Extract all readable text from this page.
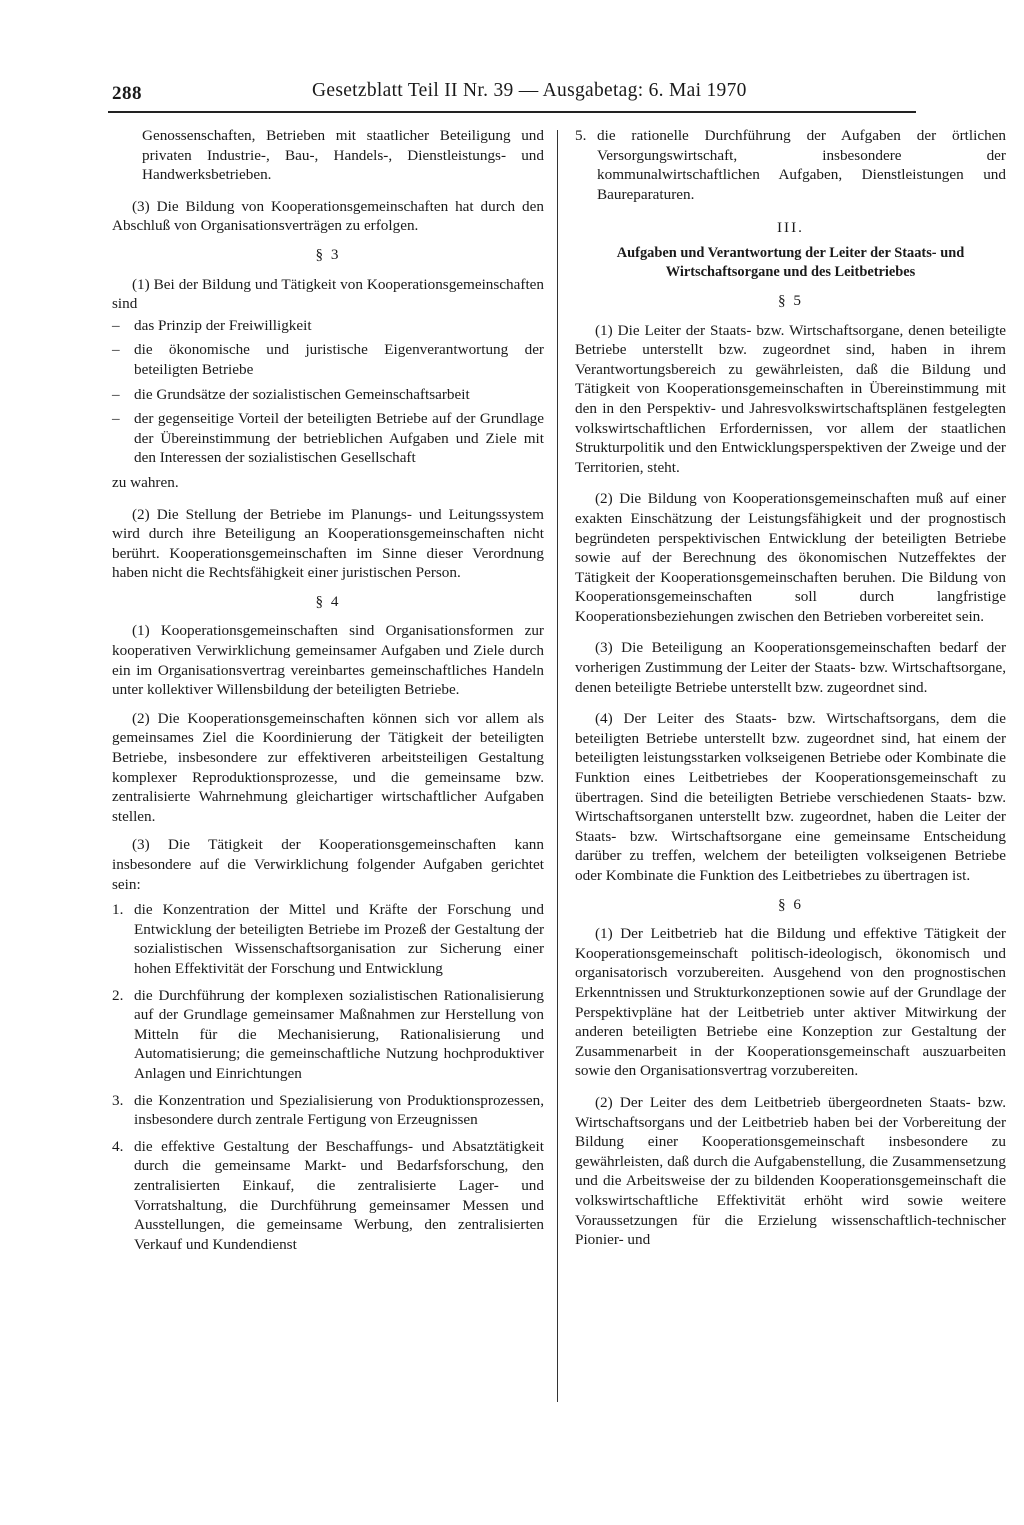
288	Gesetzblatt Teil II Nr. 39 — Ausgabetag: 6. Mai 1970

Genossenschaften, Betrieben mit staatlicher Beteiligung und privaten Industrie-, Bau-, Handels-, Dienstleistungs- und Handwerksbetrieben.

(3) Die Bildung von Kooperationsgemeinschaften hat durch den Abschluß von Organisationsverträgen zu erfolgen.

§ 3

(1) Bei der Bildung und Tätigkeit von Kooperationsgemeinschaften sind

– das Prinzip der Freiwilligkeit
– die ökonomische und juristische Eigenverantwortung der beteiligten Betriebe
– die Grundsätze der sozialistischen Gemeinschaftsarbeit
– der gegenseitige Vorteil der beteiligten Betriebe auf der Grundlage der Übereinstimmung der betrieblichen Aufgaben und Ziele mit den Interessen der sozialistischen Gesellschaft

zu wahren.

(2) Die Stellung der Betriebe im Planungs- und Leitungssystem wird durch ihre Beteiligung an Kooperationsgemeinschaften nicht berührt. Kooperationsgemeinschaften im Sinne dieser Verordnung haben nicht die Rechtsfähigkeit einer juristischen Person.

§ 4

(1) Kooperationsgemeinschaften sind Organisationsformen zur kooperativen Verwirklichung gemeinsamer Aufgaben und Ziele durch ein im Organisationsvertrag vereinbartes gemeinschaftliches Handeln unter kollektiver Willensbildung der beteiligten Betriebe.

(2) Die Kooperationsgemeinschaften können sich vor allem als gemeinsames Ziel die Koordinierung der Tätigkeit der beteiligten Betriebe, insbesondere zur effektiveren arbeitsteiligen Gestaltung komplexer Reproduktionsprozesse, und die gemeinsame bzw. zentralisierte Wahrnehmung gleichartiger wirtschaftlicher Aufgaben stellen.

(3) Die Tätigkeit der Kooperationsgemeinschaften kann insbesondere auf die Verwirklichung folgender Aufgaben gerichtet sein:

1. die Konzentration der Mittel und Kräfte der Forschung und Entwicklung der beteiligten Betriebe im Prozeß der Gestaltung der sozialistischen Wissenschaftsorganisation zur Sicherung einer hohen Effektivität der Forschung und Entwicklung
2. die Durchführung der komplexen sozialistischen Rationalisierung auf der Grundlage gemeinsamer Maßnahmen zur Herstellung von Mitteln für die Mechanisierung, Rationalisierung und Automatisierung; die gemeinschaftliche Nutzung hochproduktiver Anlagen und Einrichtungen
3. die Konzentration und Spezialisierung von Produktionsprozessen, insbesondere durch zentrale Fertigung von Erzeugnissen
4. die effektive Gestaltung der Beschaffungs- und Absatztätigkeit durch die gemeinsame Markt- und Bedarfsforschung, den zentralisierten Einkauf, die zentralisierte Lager- und Vorratshaltung, die Durchführung gemeinsamer Messen und Ausstellungen, die gemeinsame Werbung, den zentralisierten Verkauf und Kundendienst
5. die rationelle Durchführung der Aufgaben der örtlichen Versorgungswirtschaft, insbesondere der kommunalwirtschaftlichen Aufgaben, Dienstleistungen und Baureparaturen.
III.
Aufgaben und Verantwortung der Leiter der Staats- und Wirtschaftsorgane und des Leitbetriebes
§ 5

(1) Die Leiter der Staats- bzw. Wirtschaftsorgane, denen beteiligte Betriebe unterstellt bzw. zugeordnet sind, haben in ihrem Verantwortungsbereich zu gewährleisten, daß die Bildung und Tätigkeit von Kooperationsgemeinschaften in Übereinstimmung mit den in den Perspektiv- und Jahresvolkswirtschaftsplänen festgelegten volkswirtschaftlichen Erfordernissen, vor allem der staatlichen Strukturpolitik und den Entwicklungsperspektiven der Zweige und der Territorien, steht.

(2) Die Bildung von Kooperationsgemeinschaften muß auf einer exakten Einschätzung der Leistungsfähigkeit und der prognostisch begründeten perspektivischen Entwicklung der beteiligten Betriebe sowie auf der Berechnung des ökonomischen Nutzeffektes der Tätigkeit der Kooperationsgemeinschaften beruhen. Die Bildung von Kooperationsgemeinschaften soll durch langfristige Kooperationsbeziehungen zwischen den Betrieben vorbereitet sein.

(3) Die Beteiligung an Kooperationsgemeinschaften bedarf der vorherigen Zustimmung der Leiter der Staats- bzw. Wirtschaftsorgane, denen beteiligte Betriebe unterstellt bzw. zugeordnet sind.

(4) Der Leiter des Staats- bzw. Wirtschaftsorgans, dem die beteiligten Betriebe unterstellt bzw. zugeordnet sind, hat einem der beteiligten leistungsstarken volkseigenen Betriebe oder Kombinate die Funktion eines Leitbetriebes der Kooperationsgemeinschaft zu übertragen. Sind die beteiligten Betriebe verschiedenen Staats- bzw. Wirtschaftsorganen unterstellt bzw. zugeordnet, haben die Leiter der Staats- bzw. Wirtschaftsorgane eine gemeinsame Entscheidung darüber zu treffen, welchem der beteiligten volkseigenen Betriebe oder Kombinate die Funktion des Leitbetriebes zu übertragen ist.

§ 6

(1) Der Leitbetrieb hat die Bildung und effektive Tätigkeit der Kooperationsgemeinschaft politisch-ideologisch, ökonomisch und organisatorisch vorzubereiten. Ausgehend von den prognostischen Erkenntnissen und Strukturkonzeptionen sowie auf der Grundlage der Perspektivpläne hat der Leitbetrieb unter aktiver Mitwirkung der anderen beteiligten Betriebe eine Konzeption zur Gestaltung der Zusammenarbeit in der Kooperationsgemeinschaft auszuarbeiten sowie den Organisationsvertrag vorzubereiten.

(2) Der Leiter des dem Leitbetrieb übergeordneten Staats- bzw. Wirtschaftsorgans und der Leitbetrieb haben bei der Vorbereitung der Bildung einer Kooperationsgemeinschaft insbesondere zu gewährleisten, daß durch die Aufgabenstellung, die Zusammensetzung und die Arbeitsweise der zu bildenden Kooperationsgemeinschaft die volkswirtschaftliche Effektivität erhöht wird sowie weitere Voraussetzungen für die Erzielung wissenschaftlich-technischer Pionier- und
